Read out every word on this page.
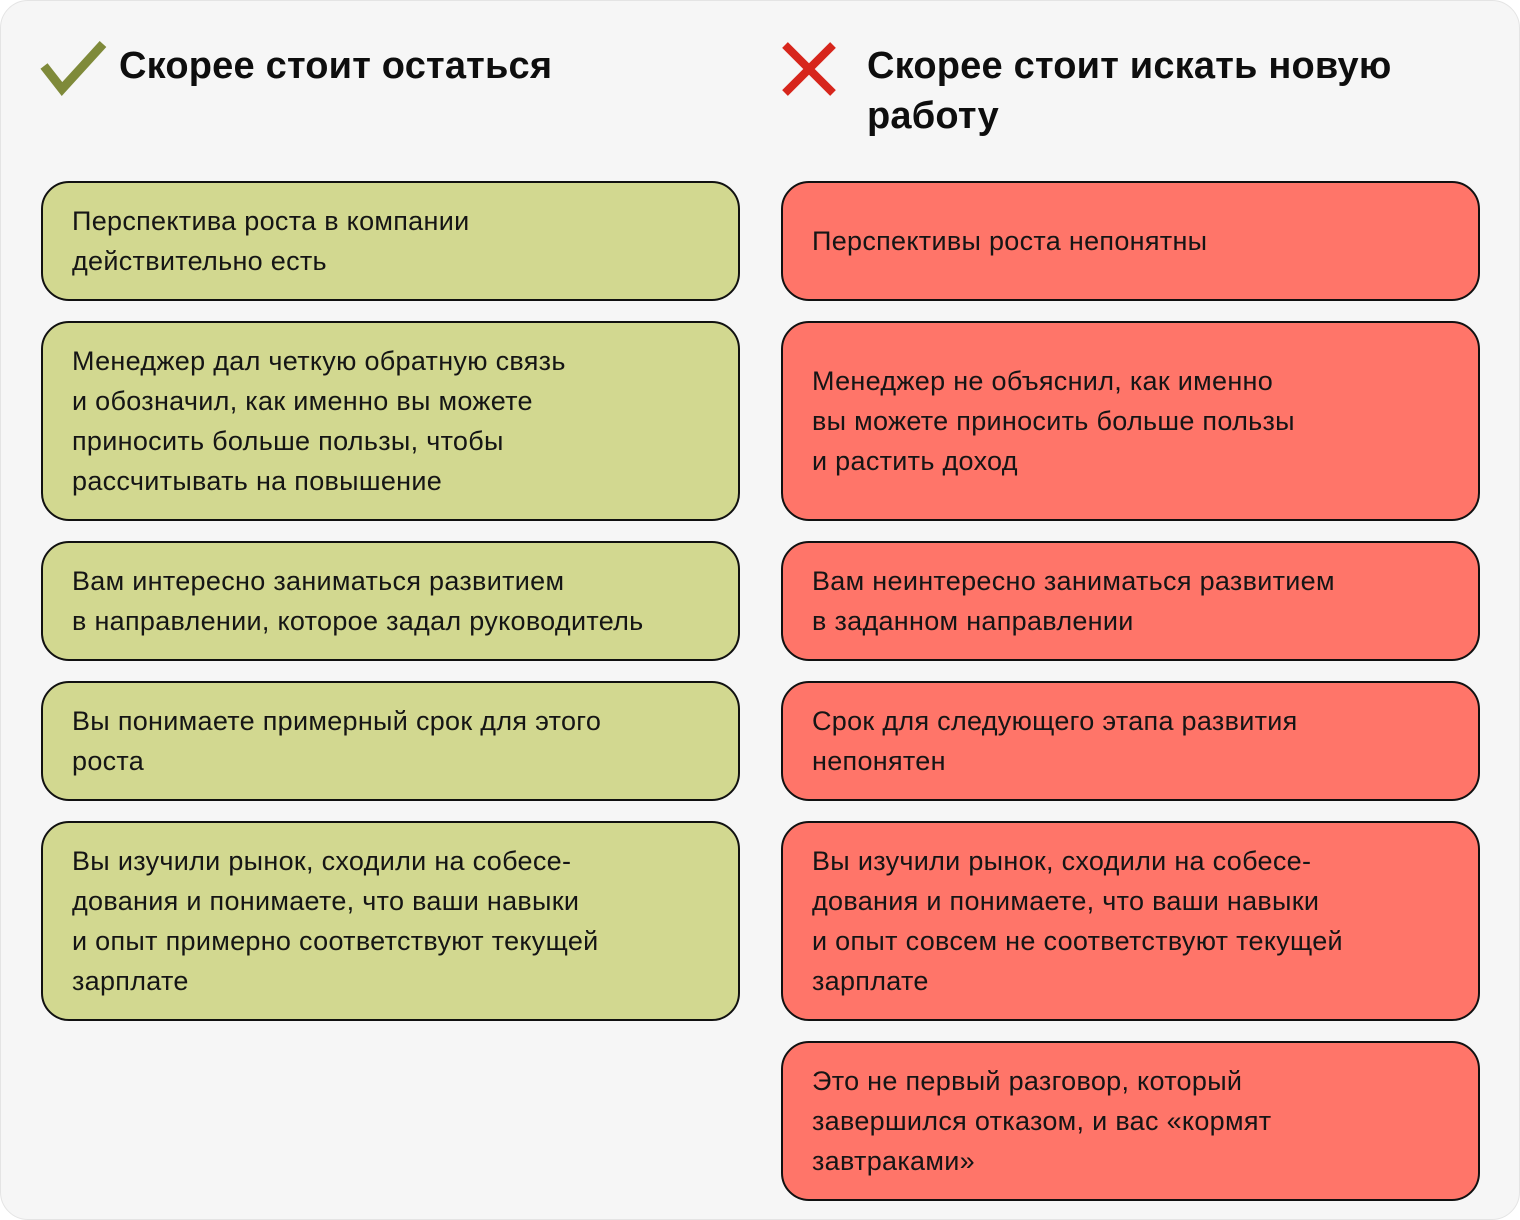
Скорее стоит остаться	Скорее стоит искать новую
работу
Перспектива роста в компании
действительно есть
Менеджер дал четкую обратную связь
и обозначил, как именно вы можете
приносить больше пользы, чтобы
рассчитывать на повышение
Вам интересно заниматься развитием
в направлении, которое задал руководитель
Вы понимаете примерный срок для этого
роста
Вы изучили рынок, сходили на собесе-
дования и понимаете, что ваши навыки
и опыт примерно соответствуют текущей
зарплате
Перспективы роста непонятны
Менеджер не объяснил, как именно
вы можете приносить больше пользы
и растить доход
Вам неинтересно заниматься развитием
в заданном направлении
Срок для следующего этапа развития
непонятен
Вы изучили рынок, сходили на собесе-
дования и понимаете, что ваши навыки
и опыт совсем не соответствуют текущей
зарплате
Это не первый разговор, который
завершился отказом, и вас «кормят
завтраками»
